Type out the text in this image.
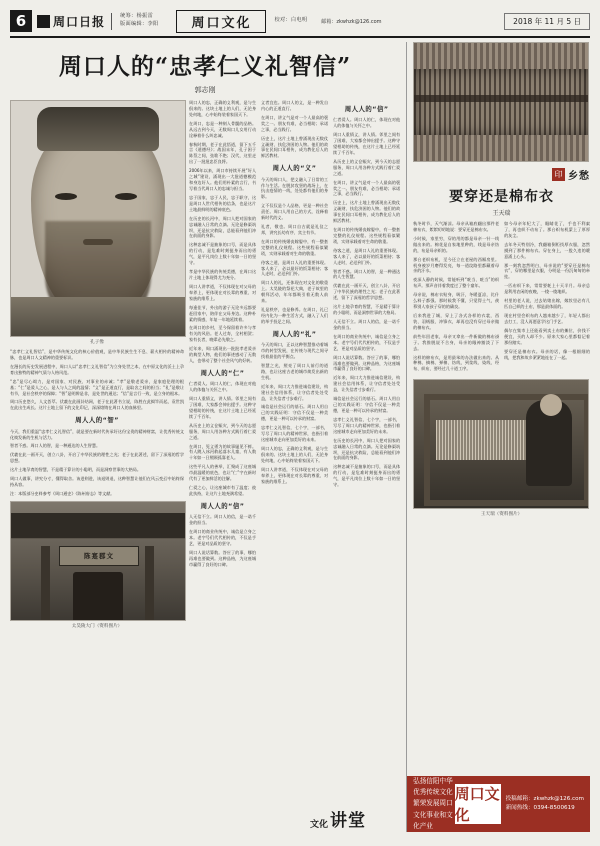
6	周口日报	统筹：杨振雷
版面编辑：李阳	周口文化	校对：白电明	邮箱：zkwhzk@126.com	2018 年 11 月 5 日
周口人的“忠孝仁义礼智信”
郭志刚
孔子像

“忠孝仁义礼智信”，是中华传统文化的核心价值观，是中华民族生生不息、薪火相传的精神命脉，也是周口人文精神的重要标识。

在漫长的历史发展进程中，周口人以“忠孝仁义礼智信”为立身处世之本，在中原文化的沃土上孕育出独特的精神气质与人格风范。

“忠”是尽心竭力，是对国家、对民族、对事业的赤诚；“孝”是敬老爱亲，是家庭伦理的根基；“仁”是爱人之心，是人与人之间的温情；“义”是正道直行，是取舍之间的担当；“礼”是敬让有节，是社会秩序的保障；“智”是明辨是非，是处世的通达；“信”是言行一致，是立身的根本。

周口历史悠久，人文荟萃。伏羲在此画卦结网，老子在此著书立说，陈胜在此揭竿而起，袁世凯在此出生成长。这片土地上留下的文化印记，深深熔铸在周口人的血脉里。

周人人的“智”

今天，我们重温“忠孝仁义礼智信”，就是要在新时代传承好这份宝贵的精神财富，让优秀传统文化焕发新的生机与活力。

智者不惑。周口人的智，是一种通达的人生智慧。

伏羲在此一画开天，创立八卦，开启了中华民族的理性之光；老子在此著述，留下了深邃的哲学思想。

这片土地孕育的智慧，不是精于算计的小聪明，而是洞察世事的大格局。

周口人做事，讲究分寸，懂得取舍。该进则进，该退则退，这种智慧让他们在风云变幻中始终保持从容。

注：本版部分史料参考《周口通史》《陈州府志》等文献。

陈寔郡文
太昊陵大门（资料图片）

周口人的忠，正确的义利观，是与生俱来的。这块土地上的人们，无论身处何地，心中始终装着家国天下。

在周口，忠是一种刻入骨髓的品格。从远古到今天，无数周口儿女用行动诠释着什么叫忠诚。

春秋时期，老子在此悟道，留下五千言《道德经》；战国末年，孔子困于陈蔡之间，弦歌不绝；汉代，这里走出了一批批忠臣良将。

2006年以来，周口市持续开展“好人之城”建设，涌现出一大批道德模范和身边好人。他们用朴素的言行，书写着当代周口人的忠诚与担当。

忠于国家，忠于人民，忠于职守，这是周口人世代相传的信条，也是这片土地最鲜明的精神底色。

在历史的长河中，周口人把对国家的忠诚融入日常的点滴。无论是修渠筑坝，还是抗灾救险，总能看到他们冲在前面的身影。

这种忠诚不是抽象的口号，而是具体的行动，是危难时刻挺身而出的勇气，是平凡岗位上数十年如一日的坚守。

孝是中华民族的传统美德，在周口这片土地上体现得尤为充分。

周口人讲孝道，不仅体现在对父母的奉养上，更体现在对长辈的尊重、对家族的维系上。

每逢佳节，外出的游子无论多远都要赶回家中，陪伴在父母身边。这种朴素的情感，年复一年地延续着。

在周口的乡村，至今保留着许多与孝有关的风俗。老人过寿，全村相贺；家有长者，晚辈必先敬之。

近年来，周口涌现出一批批孝老爱亲的典型人物，他们的事迹感动了无数人，也带动了整个社会风气的好转。

周人人的“仁”

仁者爱人。周口人的仁，体现在对他人的体恤与关怀之中。

周口人重情义，讲人情。邻里之间有了困难，大家都会伸出援手。这种守望相助的传统，在这片土地上已经延续了千百年。

从历史上的义仓赈灾，到今天的志愿服务，周口人用各种方式践行着仁爱之道。

在周口，见义勇为的故事屡见不鲜。有人跳入冰河救起落水儿童，有人数十年如一日照顾孤寡老人。

这些平凡人的善举，汇聚成了这座城市最温暖的底色，也让“仁”字在新时代有了更加鲜活的注解。

仁爱之心，让这座城市有了温度；彼此扶持，让这片土地充满希望。

周人人的“信”

人无信不立。周口人的信，是一诺千金的担当。

在周口的商业传统中，诚信是立身之本。老字号们代代相传的，不仅是手艺，更是对品质的坚守。

周口人说话算数。答应了的事，哪怕再难也要做到。这种品格，为这座城市赢得了良好的口碑。

义者宜也。周口人的义，是一种发自内心的正道直行。

在周口，讲义气是对一个人最高的褒奖之一。朋友有难，必当相助；承诺之事，必当践行。

历史上，这片土地上曾涌现出无数仗义疏财、扶危济困的人物。他们的故事在民间口耳相传，成为教化后人的鲜活教材。

周人人的“义”

今天的周口人，把义融入了日常的工作与生活。在脱贫攻坚的战场上，在抗击疫情的一线，处处都有他们的身影。

义不仅仅是个人品格，更是一种社会责任。周口人用自己的方式，诠释着新时代的义。

礼者，敬也。周口自古就是礼仪之邦，讲究长幼有序、宾主有节。

在周口的传统婚丧嫁娶中，有一整套完整的礼仪规程。这些规程看似繁琐，实则承载着对生命的敬重。

待客之道，是周口人礼的重要体现。客人来了，必以最好的饭菜相待；客人走时，必送到门外。

周口人的礼，还体现在对文化的敬重上。太昊陵的祭祀大典，老子故里的朝拜活动，年年都吸引着无数人前来。

礼是秩序，也是修养。在周口，礼已经内化为一种生活方式，融入了人们的举手投足之间。

周人人的“礼”

今天的周口，正以这种智慧推动着城市的转型发展，在传统与现代之间寻找着最佳的平衡点。

智慧之光，照亮了周口人前行的道路，也让这座古老的城市焕发出新的生机。

近年来，周口大力推进诚信建设，构建社会信用体系，让守信者处处受益，让失信者寸步难行。

诚信是社会运行的基石。周口人用自己的实践证明：守信不仅是一种美德，更是一种可以传承的财富。

忠孝仁义礼智信，七个字，一部书，写尽了周口人的精神世界，也指引着这座城市走向更加美好的未来。

周口人的忠，正确的义利观，是与生俱来的。这块土地上的人们，无论身处何地，心中始终装着家国天下。

周口人讲孝道，不仅体现在对父母的奉养上，更体现在对长辈的尊重、对家族的维系上。

周人人的“信”

仁者爱人。周口人的仁，体现在对他人的体恤与关怀之中。

周口人重情义，讲人情。邻里之间有了困难，大家都会伸出援手。这种守望相助的传统，在这片土地上已经延续了千百年。

从历史上的义仓赈灾，到今天的志愿服务，周口人用各种方式践行着仁爱之道。

在周口，讲义气是对一个人最高的褒奖之一。朋友有难，必当相助；承诺之事，必当践行。

历史上，这片土地上曾涌现出无数仗义疏财、扶危济困的人物。他们的故事在民间口耳相传，成为教化后人的鲜活教材。

在周口的传统婚丧嫁娶中，有一整套完整的礼仪规程。这些规程看似繁琐，实则承载着对生命的敬重。

待客之道，是周口人礼的重要体现。客人来了，必以最好的饭菜相待；客人走时，必送到门外。

智者不惑。周口人的智，是一种通达的人生智慧。

伏羲在此一画开天，创立八卦，开启了中华民族的理性之光；老子在此著述，留下了深邃的哲学思想。

这片土地孕育的智慧，不是精于算计的小聪明，而是洞察世事的大格局。

人无信不立。周口人的信，是一诺千金的担当。

在周口的商业传统中，诚信是立身之本。老字号们代代相传的，不仅是手艺，更是对品质的坚守。

周口人说话算数。答应了的事，哪怕再难也要做到。这种品格，为这座城市赢得了良好的口碑。

近年来，周口大力推进诚信建设，构建社会信用体系，让守信者处处受益，让失信者寸步难行。

诚信是社会运行的基石。周口人用自己的实践证明：守信不仅是一种美德，更是一种可以传承的财富。

忠孝仁义礼智信，七个字，一部书，写尽了周口人的精神世界，也指引着这座城市走向更加美好的未来。

在历史的长河中，周口人把对国家的忠诚融入日常的点滴。无论是修渠筑坝，还是抗灾救险，总能看到他们冲在前面的身影。

这种忠诚不是抽象的口号，而是具体的行动，是危难时刻挺身而出的勇气，是平凡岗位上数十年如一日的坚守。

文化 讲堂
印 乡愁
要穿还是棉布衣
王天瑞

秋冬时节，天气渐凉。母亲从箱底翻出那件老棉布衣，絮絮叨叨地说：要穿还是棉布衣。

小时候，家里穷，穿的用的都是母亲一针一线做出来的。棉花是自家地里种的，线是母亲纺的，布是母亲织的。

那台老织布机，至今还立在老屋的西厢房里。机身被岁月磨得发亮，每一道纹路里都藏着母亲的汗水。

夜深人静的时候，常能听到“咣当、咣当”的织布声。那声音伴着我度过了整个童年。

母亲说，棉布衣贴身，吸汗，冬暖夏凉，比什么料子都强。那时候我不懂，只觉得土气，羡慕别人家孩子穿的的确良。

后来我进了城，穿上了各式各样的衣裳，西装、羽绒服、冲锋衣，却再也没有穿过母亲做的棉布衣。

前些年回老家，母亲又拿出一件新做的棉布褂子。我推脱说不合身，母亲的眼神黯淡了下去。

这样的棉布衣，是用最笨的办法做出来的。从种棉、摘棉、弹棉、纺线，到浆线、染线、经布、织布，要经过几十道工序。

如今母亲年纪大了，眼睛花了，手也不利索了，再也织不动布了。那台织布机蒙上了厚厚的灰尘。

去年冬天特别冷，我翻箱倒柜找厚衣服，忽然摸到了那件棉布衣。穿在身上，一股久违的暖意涌上心头。

那一刻我忽然明白，母亲说的“要穿还是棉布衣”，穿的哪里是衣服，分明是一份沉甸甸的牵挂。

一匹布织下来，常常要耗上十天半月。母亲总是利用农闲的夜晚，一梭一梭地织。

村里的老人说，过去姑娘出嫁，嫁妆里必有几匹自己织的土布，那是最体面的。

现在村里会织布的人越来越少了，年轻人都出去打工，没人再愿意学这门手艺。

偶尔在集市上还能看到卖土布的摊位，价钱不便宜，买的人却不少。原来大家心里都惦记着那份踏实。

要穿还是棉布衣。母亲的话，像一根细细的线，把我和故乡紧紧地连在了一起。

王天瑞（资料图片）
弘扬信阳中华优秀传统文化
繁荣发展周口文化事业和文化产业
周口文化
投稿邮箱：zkwhzk@126.com
新闻热线：0394-8500619
